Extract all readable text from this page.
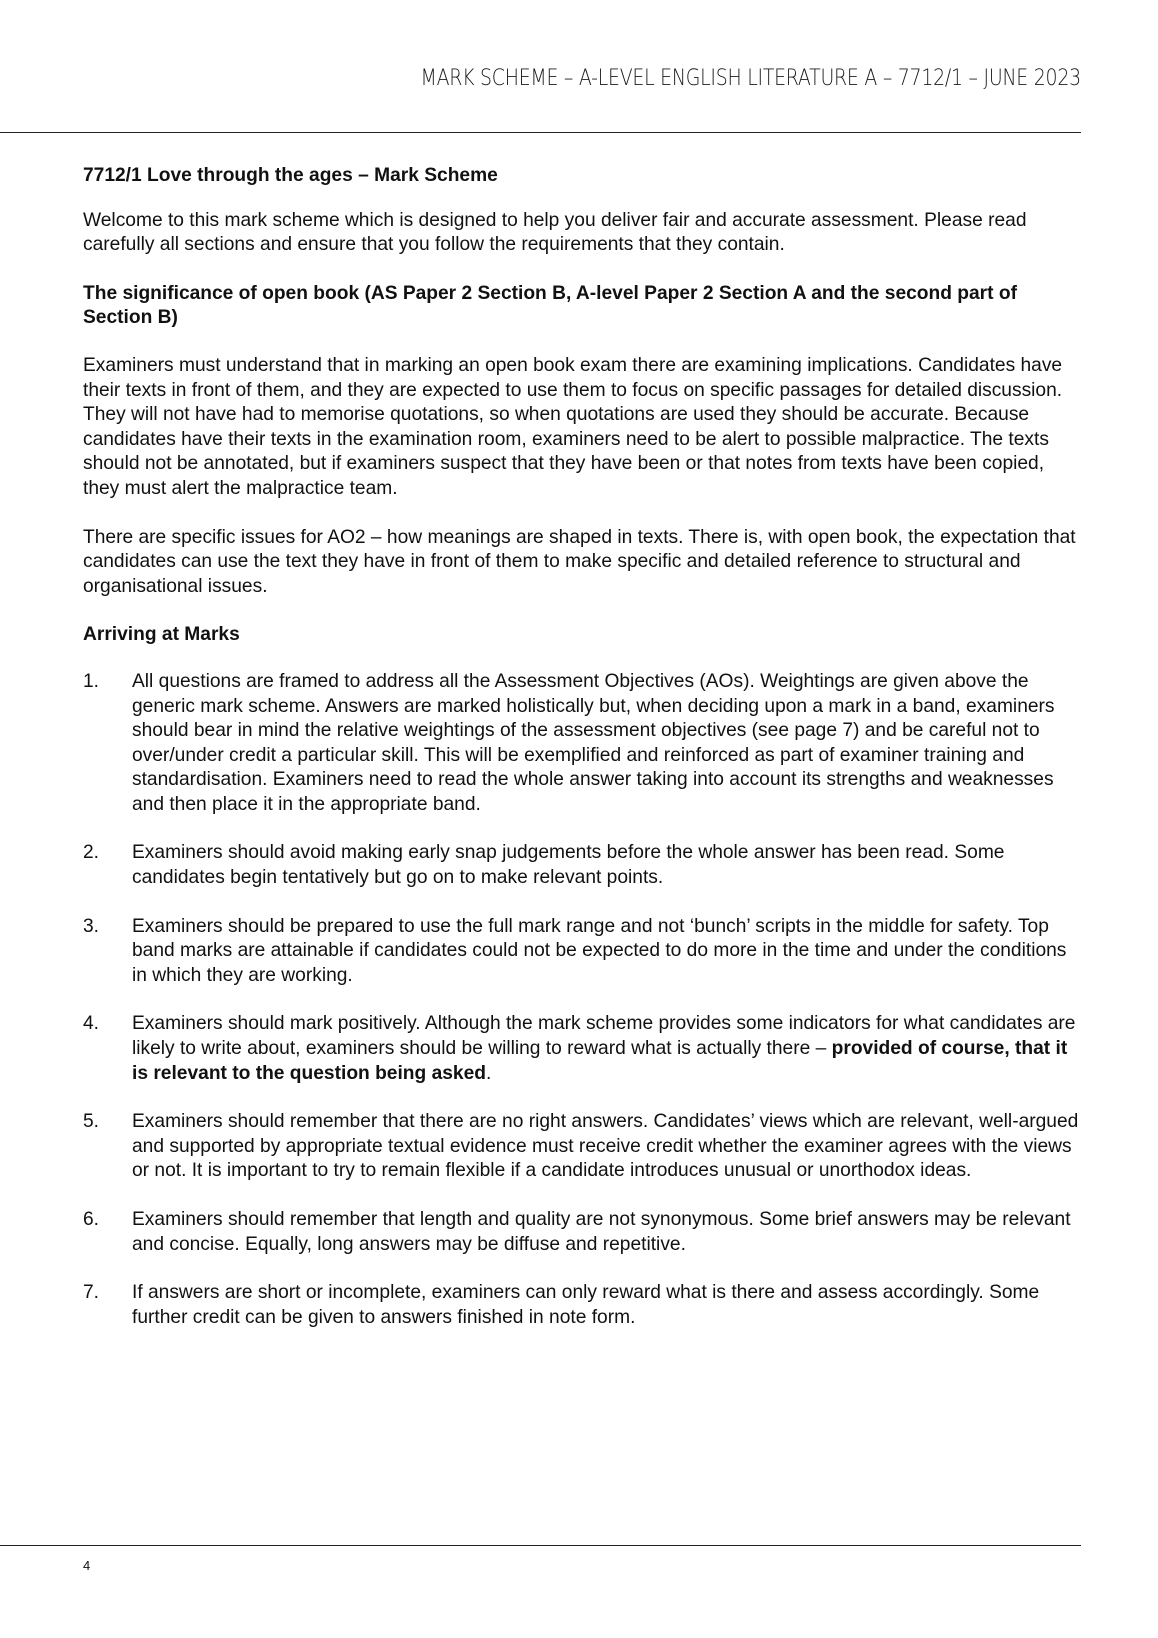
MARK SCHEME – A-LEVEL ENGLISH LITERATURE A – 7712/1 – JUNE 2023

7712/1 Love through the ages – Mark Scheme

Welcome to this mark scheme which is designed to help you deliver fair and accurate assessment. Please read carefully all sections and ensure that you follow the requirements that they contain.

The significance of open book (AS Paper 2 Section B, A-level Paper 2 Section A and the second part of Section B)

Examiners must understand that in marking an open book exam there are examining implications. Candidates have their texts in front of them, and they are expected to use them to focus on specific passages for detailed discussion. They will not have had to memorise quotations, so when quotations are used they should be accurate. Because candidates have their texts in the examination room, examiners need to be alert to possible malpractice. The texts should not be annotated, but if examiners suspect that they have been or that notes from texts have been copied, they must alert the malpractice team.

There are specific issues for AO2 – how meanings are shaped in texts. There is, with open book, the expectation that candidates can use the text they have in front of them to make specific and detailed reference to structural and organisational issues.

Arriving at Marks

1. All questions are framed to address all the Assessment Objectives (AOs). Weightings are given above the generic mark scheme. Answers are marked holistically but, when deciding upon a mark in a band, examiners should bear in mind the relative weightings of the assessment objectives (see page 7) and be careful not to over/under credit a particular skill. This will be exemplified and reinforced as part of examiner training and standardisation. Examiners need to read the whole answer taking into account its strengths and weaknesses and then place it in the appropriate band.
2. Examiners should avoid making early snap judgements before the whole answer has been read. Some candidates begin tentatively but go on to make relevant points.
3. Examiners should be prepared to use the full mark range and not ‘bunch’ scripts in the middle for safety. Top band marks are attainable if candidates could not be expected to do more in the time and under the conditions in which they are working.
4. Examiners should mark positively. Although the mark scheme provides some indicators for what candidates are likely to write about, examiners should be willing to reward what is actually there – provided of course, that it is relevant to the question being asked.
5. Examiners should remember that there are no right answers. Candidates’ views which are relevant, well-argued and supported by appropriate textual evidence must receive credit whether the examiner agrees with the views or not. It is important to try to remain flexible if a candidate introduces unusual or unorthodox ideas.
6. Examiners should remember that length and quality are not synonymous. Some brief answers may be relevant and concise. Equally, long answers may be diffuse and repetitive.
7. If answers are short or incomplete, examiners can only reward what is there and assess accordingly. Some further credit can be given to answers finished in note form.
4
